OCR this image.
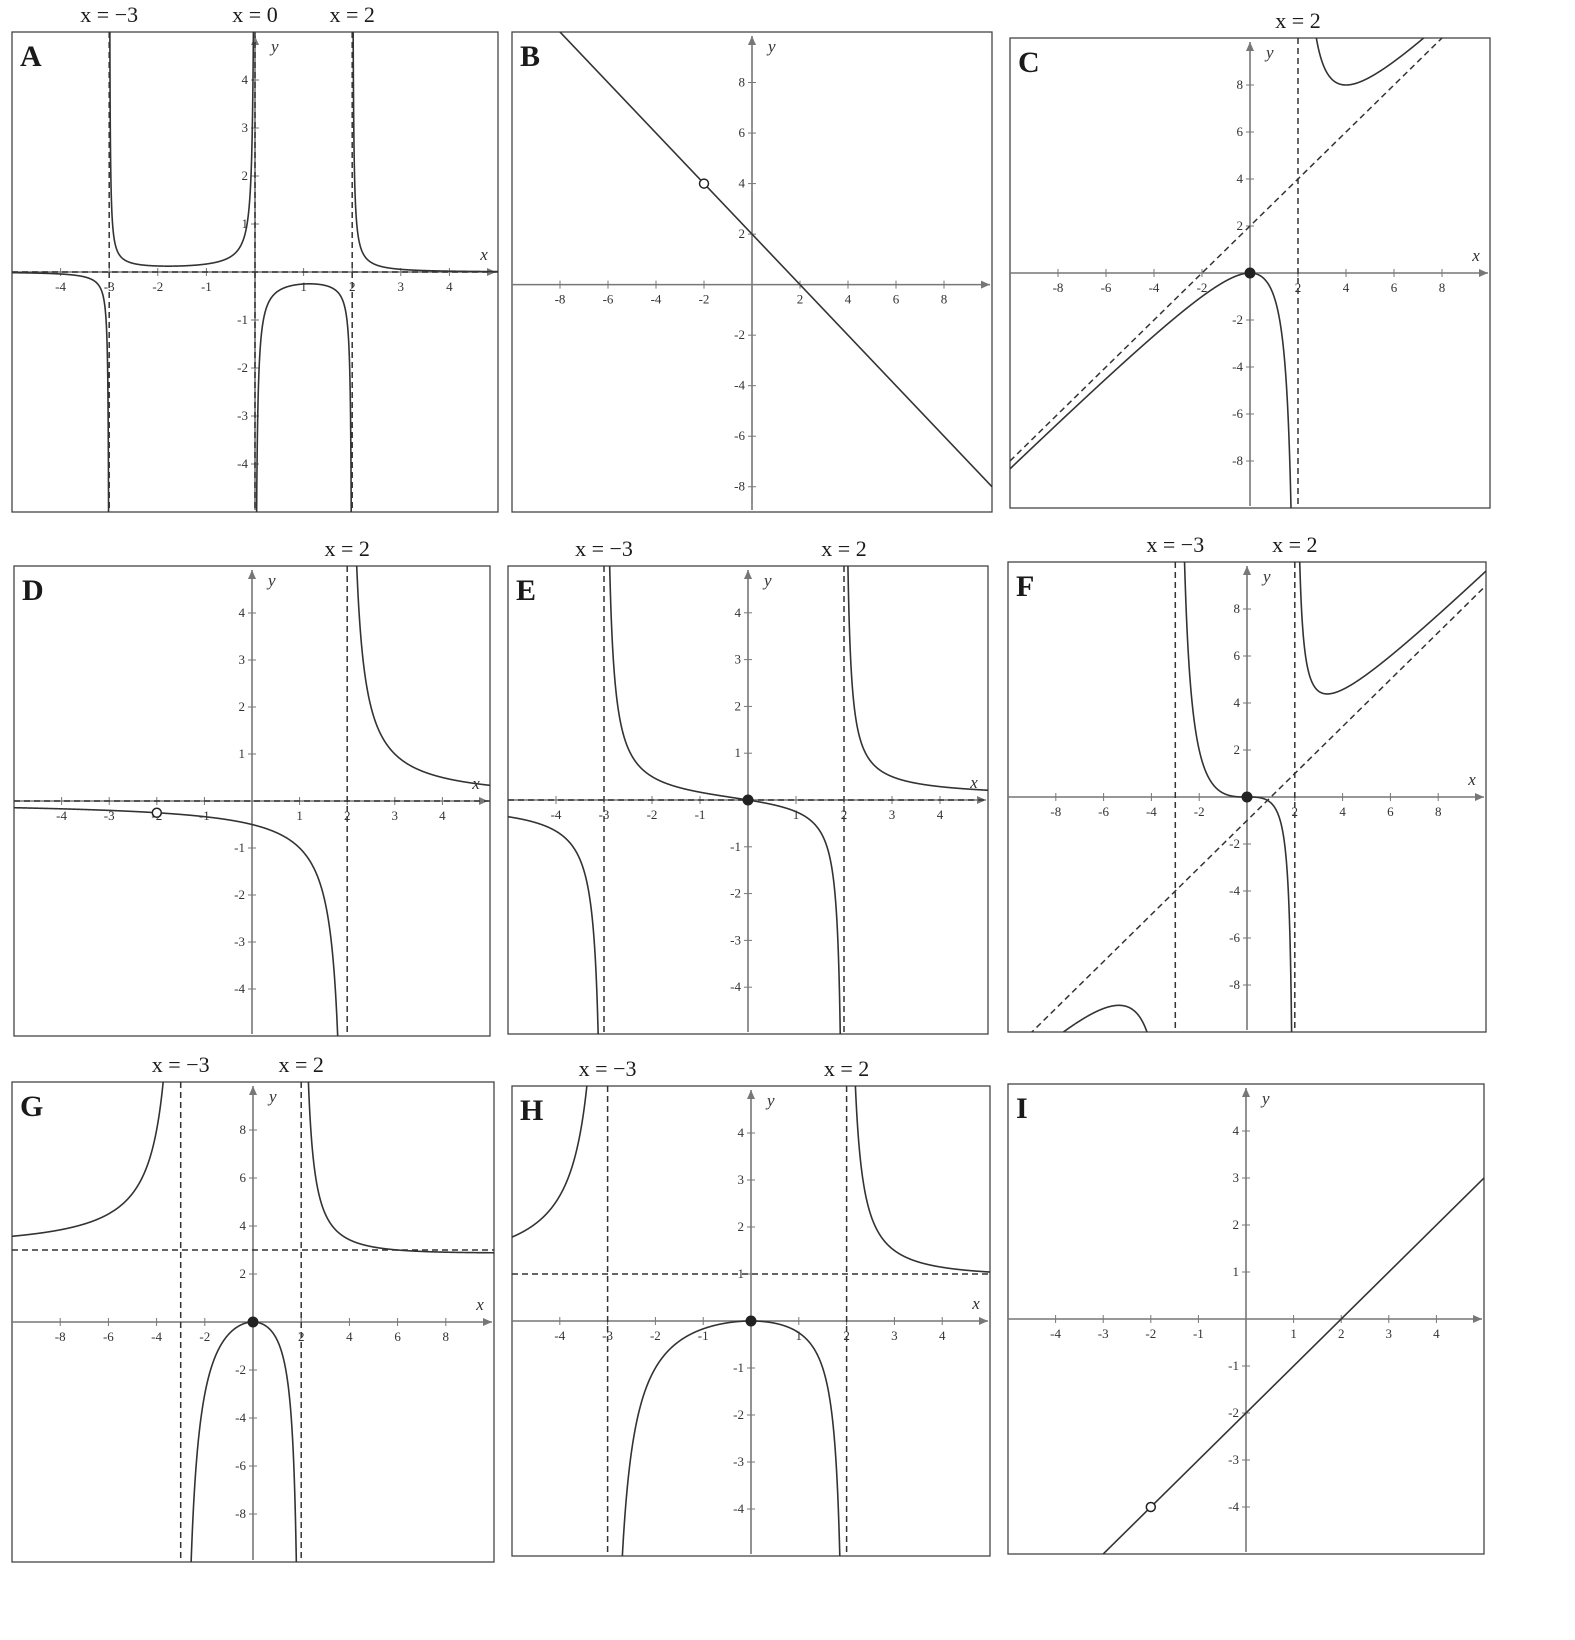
-4	-3	-2	-1	1	2	3	4
-4
-3
-2
-1
1
2
3
4
x
y
A
x = −3	x = 0 x = 2
-8	-6	-4	-2	2	4	6	8
-8
-6
-4
-2
2
4
6
8
y
B
-8	-6	-4	-2	2	4	6	8
-8
-6
-4
-2
2
4
6
8
x
y
C
x = 2
-4	-3	-1	1	2	3	4
-4
-3
-2
-1
1
2
3
4
x
y
D
x = 2
-4	-3	-2	-1	1	2	3	4
-4
-3
-2
-1
1
2
3
4
x
y
E
x = −3	x = 2
-8	-6	-4	-2	2	4	6	8
-8
-6
-4
-2
2
4
6
8
x
y
F
x = −3	x = 2
-8	-6	-4	-2	2	4	6	8
-8
-6
-4
-2
2
4
6
8
x
y
G
x = −3	x = 2
-4	-3	-2	-1	1	2	3	4
-4
-3
-2
-1
1
2
3
4
x
y
H
x = −3	x = 2
-4	-3	-2	-1	1	2	3	4
-4
-3
-2
-1
1
2
3
4
y
I
